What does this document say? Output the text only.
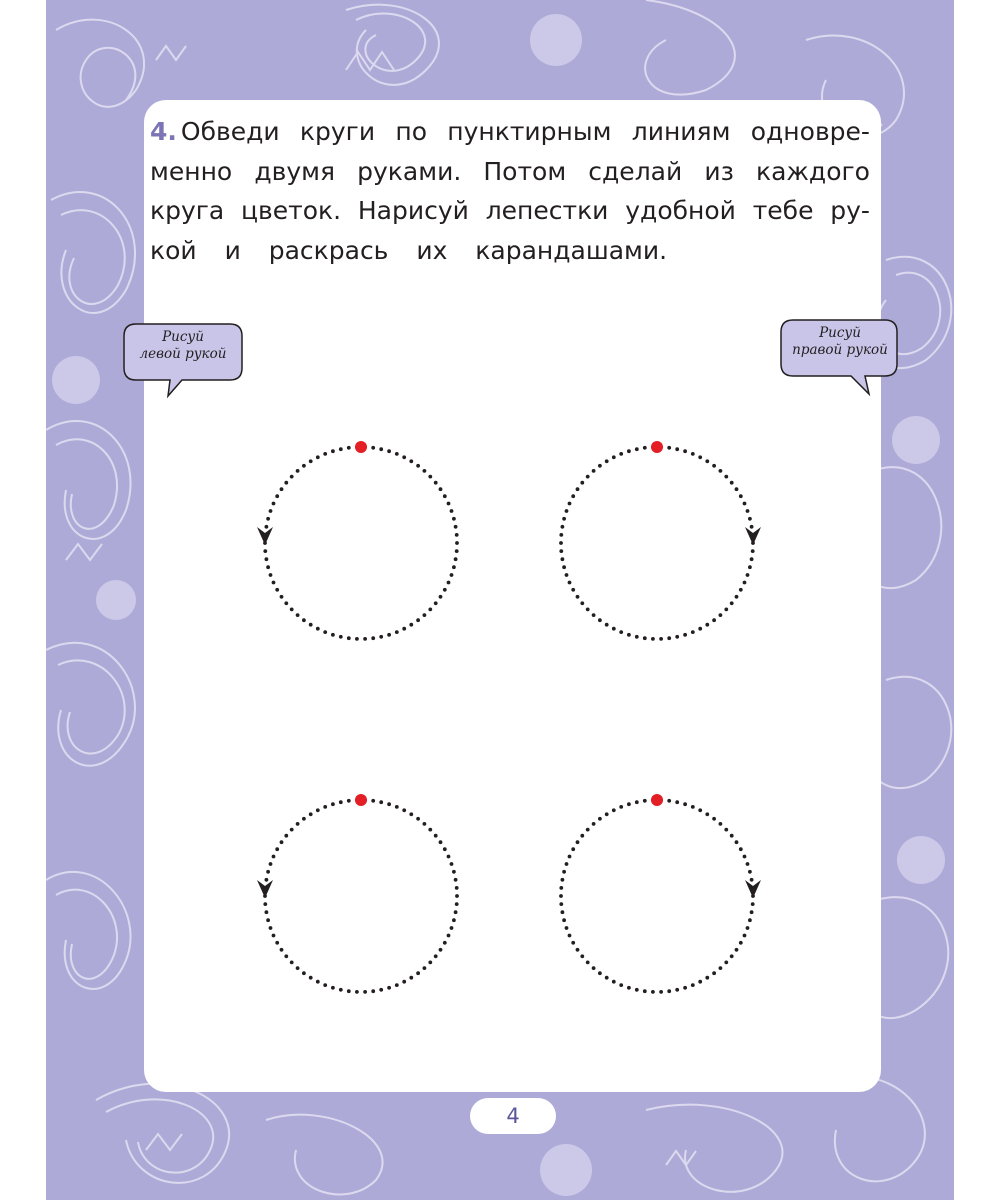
4. Обведи круги по пунктирным линиям одновре-
менно двумя руками. Потом сделай из каждого
круга цветок. Нарисуй лепестки удобной тебе ру-
кой
и
раскрась
их
карандашами.
Рисуй
левой рукой
Рисуй
правой рукой
4
